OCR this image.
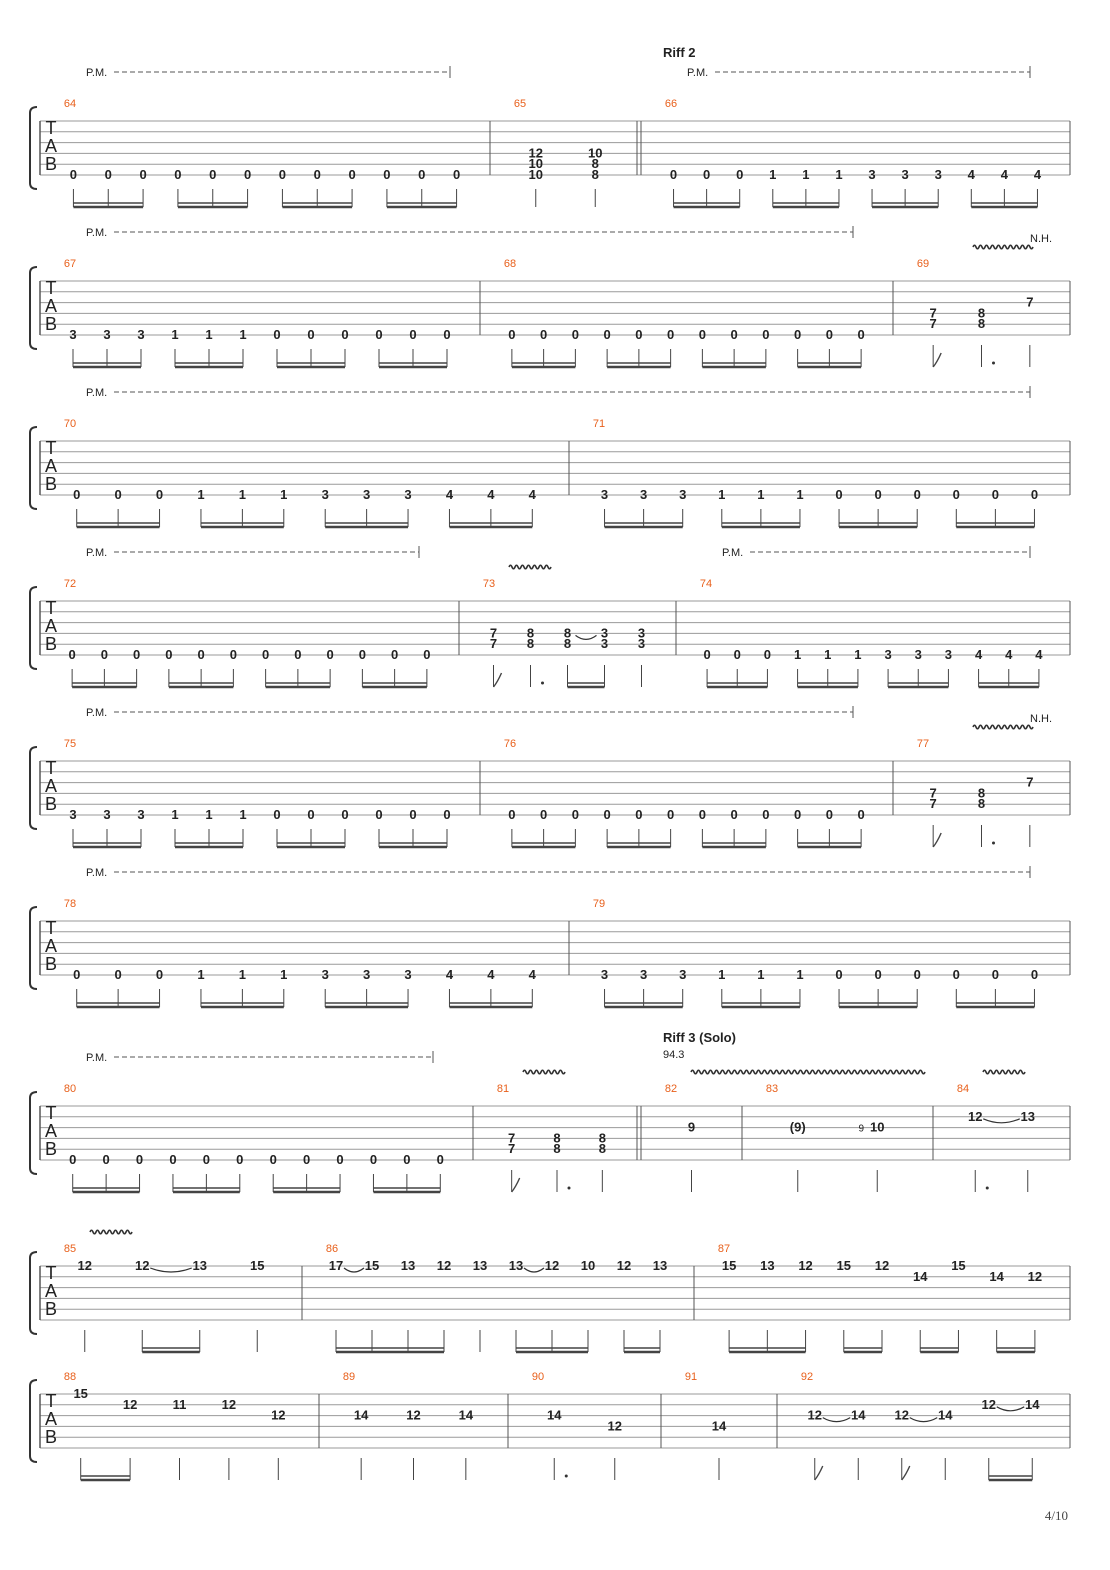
T
A
B
64
0 0 0 0 0 0 0 0 0 0 0 0
65
12
10
10
10
8
8
66
0 0 0 1 1 1 3 3 3 4 4 4
P.M.
Riff 2
P.M.
T
A
B
67
3 3 3 1 1 1 0 0 0 0 0 0
68
0 0 0 0 0 0 0 0 0 0 0 0
69
7
7
8
8
7
P.M.	N.H.
T
A
B
70
0	0	0	1	1	1	3	3	3	4	4	4
71
3 3 3 1 1 1 0 0 0 0 0 0
P.M.
T
A
B
72
0 0 0 0 0 0 0 0 0 0 0 0
73
7
7
8
8
8
8
3
3
3
3
74
0 0 0 1 1 1 3 3 3 4 4 4
P.M.	P.M.
T
A
B
75
3 3 3 1 1 1 0 0 0 0 0 0
76
0 0 0 0 0 0 0 0 0 0 0 0
77
7
7
8
8
7
P.M.	N.H.
T
A
B
78
0	0	0	1	1	1	3	3	3	4	4	4
79
3 3 3 1 1 1 0 0 0 0 0 0
P.M.
T
A
B
80
0 0 0 0 0 0 0 0 0 0 0 0
81
7
7
8
8
8
8
82
9
83
(9)	9 10
84
12	13
P.M.
Riff 3 (Solo)
94.3
T
A
B
85
12	12	13	15
86
17 15 13 12 13 13 12 10 12 13
87
15 13 12 15 12
14
15
14 12
T
A
B
88
15
12	11	12
12
89
14	12	14
90
14
12
91
14
92
12 14 12 14
12 14
4/10
